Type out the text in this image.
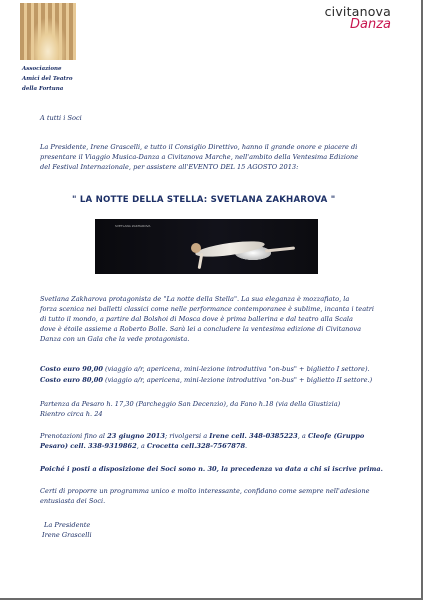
Associazione
Amici del Teatro
della Fortuna
civitanova
Danza
A tutti i Soci
La Presidente, Irene Grascelli, e tutto il Consiglio Direttivo, hanno il grande onore e piacere di
presentare il Viaggio Musica-Danza a Civitanova Marche, nell'ambito della Ventesima Edizione
del Festival Internazionale, per assistere all'EVENTO DEL 15 AGOSTO 2013:
" LA NOTTE DELLA STELLA: SVETLANA ZAKHAROVA "
SVETLANA ZAKHAROVA
Svetlana Zakharova protagonista de "La notte della Stella". La sua eleganza è mozzafiato, la
forza scenica nei balletti classici come nelle performance contemporanee è sublime, incanta i teatri
di tutto il mondo, a partire dal Bolshoi di Mosca dove è prima ballerina e dal teatro alla Scala
dove è étoile assieme a Roberto Bolle. Sarà lei a concludere la ventesima edizione di Civitanova
Danza con un Gala che la vede protagonista.
Costo euro 90,00 (viaggio a/r, apericena, mini-lezione introduttiva "on-bus" + biglietto I settore).
Costo euro 80,00 (viaggio a/r, apericena, mini-lezione introduttiva "on-bus" + biglietto II settore.)
Partenza da Pesaro h. 17,30 (Parcheggio San Decenzio), da Fano h.18 (via della Giustizia)
Rientro circa h. 24
Prenotazioni fino al 23 giugno 2013; rivolgersi a Irene cell. 348-0385223, a Cleofe (Gruppo
Pesaro) cell. 338-9319862, a Crocetta cell.328-7567878.
Poiché i posti a disposizione dei Soci sono n. 30, la precedenza va data a chi si iscrive prima.
Certi di proporre un programma unico e molto interessante, confidano come sempre nell'adesione
entusiasta dei Soci.
La Presidente
Irene Grascelli
